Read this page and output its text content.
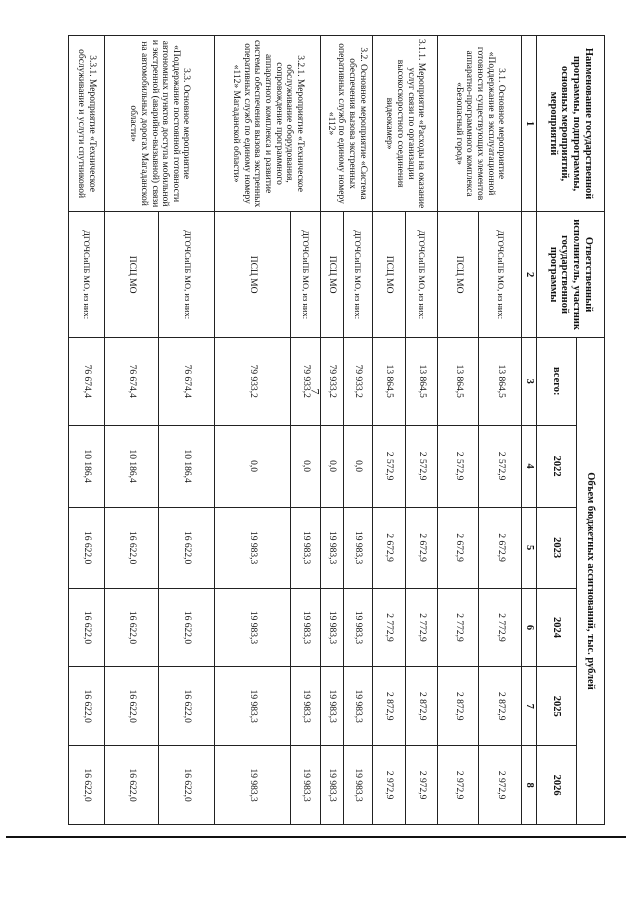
7
Наименование государственной программы, подпрограммы, основных мероприятий, мероприятий	Ответственный исполнитель, участник государственной программы	Объем бюджетных ассигнований, тыс. рублей					
		всего:	2022	2023	2024	2025	2026
1	2	3	4	5	6	7	8
3.1. Основное мероприятие «Поддержание в эксплуатационной готовности существующих элементов аппаратно-программного комплекса «Безопасный город»	ДГОЧСиПБ МО, из них:	13 864,5	2 572,9	2 672,9	2 772,9	2 872,9	2 972,9
	ПСЦ МО	13 864,5	2 572,9	2 672,9	2 772,9	2 872,9	2 972,9
3.1.1. Мероприятие «Расходы на оказание услуг связи по организации высокоскоростного соединения видеокамер»	ДГОЧСиПБ МО, из них:	13 864,5	2 572,9	2 672,9	2 772,9	2 872,9	2 972,9
	ПСЦ МО	13 864,5	2 572,9	2 672,9	2 772,9	2 872,9	2 972,9
3.2. Основное мероприятие «Система обеспечения вызова экстренных оперативных служб по единому номеру «112»	ДГОЧСиПБ МО, из них:	79 933,2	0,0	19 983,3	19 983,3	19 983,3	19 983,3
	ПСЦ МО	79 933,2	0,0	19 983,3	19 983,3	19 983,3	19 983,3
3.2.1. Мероприятие «Техническое обслуживание оборудования, сопровождение программного аппаратного комплекса и развитие системы обеспечения вызова экстренных оперативных служб по единому номеру «112» Магаданской области»	ДГОЧСиПБ МО, из них:	79 933,2	0,0	19 983,3	19 983,3	19 983,3	19 983,3
	ПСЦ МО	79 933,2	0,0	19 983,3	19 983,3	19 983,3	19 983,3
3.3. Основное мероприятие «Поддержание постоянной готовности автономных пунктов доступа мобильной и экстренной (аварийно-вызывной) связи на автомобильных дорогах Магаданской области»	ДГОЧСиПБ МО, из них:	76 674,4	10 186,4	16 622,0	16 622,0	16 622,0	16 622,0
	ПСЦ МО	76 674,4	10 186,4	16 622,0	16 622,0	16 622,0	16 622,0
3.3.1. Мероприятие «Техническое обслуживание и услуги спутниковой	ДГОЧСиПБ МО, из них:	76 674,4	10 186,4	16 622,0	16 622,0	16 622,0	16 622,0
